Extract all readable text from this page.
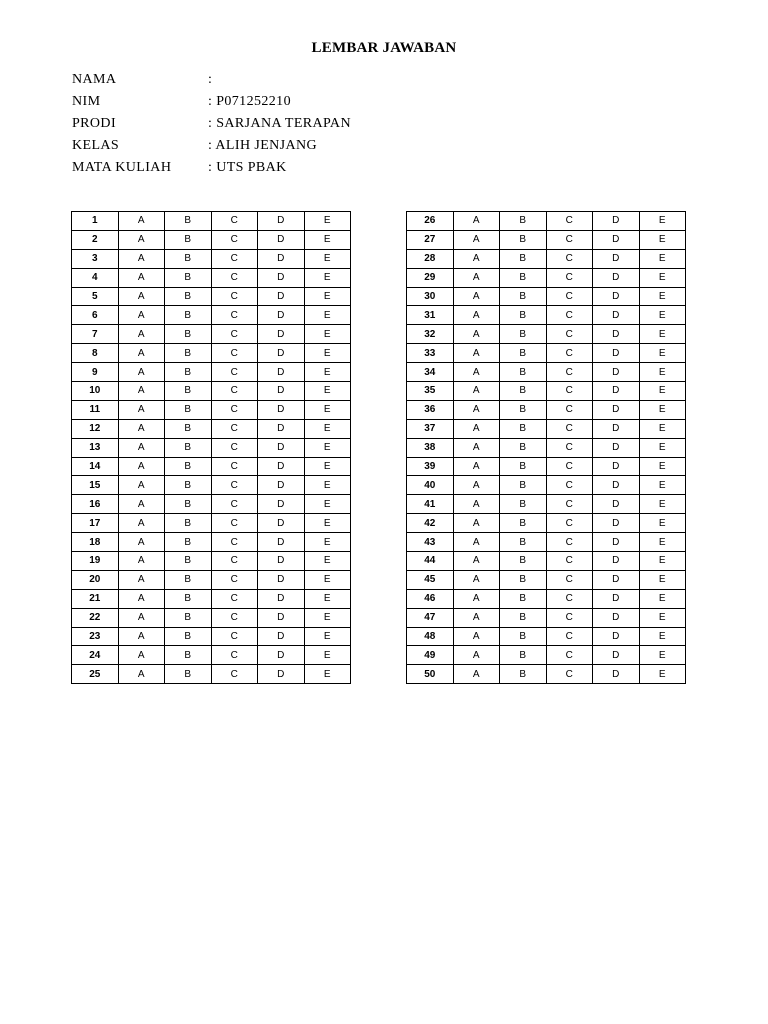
LEMBAR JAWABAN
NAMA	:
NIM	: P071252210
PRODI	: SARJANA TERAPAN
KELAS	: ALIH JENJANG
MATA KULIAH	: UTS PBAK
1	A	B	C	D	E
2	A	B	C	D	E
3	A	B	C	D	E
4	A	B	C	D	E
5	A	B	C	D	E
6	A	B	C	D	E
7	A	B	C	D	E
8	A	B	C	D	E
9	A	B	C	D	E
10	A	B	C	D	E
11	A	B	C	D	E
12	A	B	C	D	E
13	A	B	C	D	E
14	A	B	C	D	E
15	A	B	C	D	E
16	A	B	C	D	E
17	A	B	C	D	E
18	A	B	C	D	E
19	A	B	C	D	E
20	A	B	C	D	E
21	A	B	C	D	E
22	A	B	C	D	E
23	A	B	C	D	E
24	A	B	C	D	E
25	A	B	C	D	E
26	A	B	C	D	E
27	A	B	C	D	E
28	A	B	C	D	E
29	A	B	C	D	E
30	A	B	C	D	E
31	A	B	C	D	E
32	A	B	C	D	E
33	A	B	C	D	E
34	A	B	C	D	E
35	A	B	C	D	E
36	A	B	C	D	E
37	A	B	C	D	E
38	A	B	C	D	E
39	A	B	C	D	E
40	A	B	C	D	E
41	A	B	C	D	E
42	A	B	C	D	E
43	A	B	C	D	E
44	A	B	C	D	E
45	A	B	C	D	E
46	A	B	C	D	E
47	A	B	C	D	E
48	A	B	C	D	E
49	A	B	C	D	E
50	A	B	C	D	E
